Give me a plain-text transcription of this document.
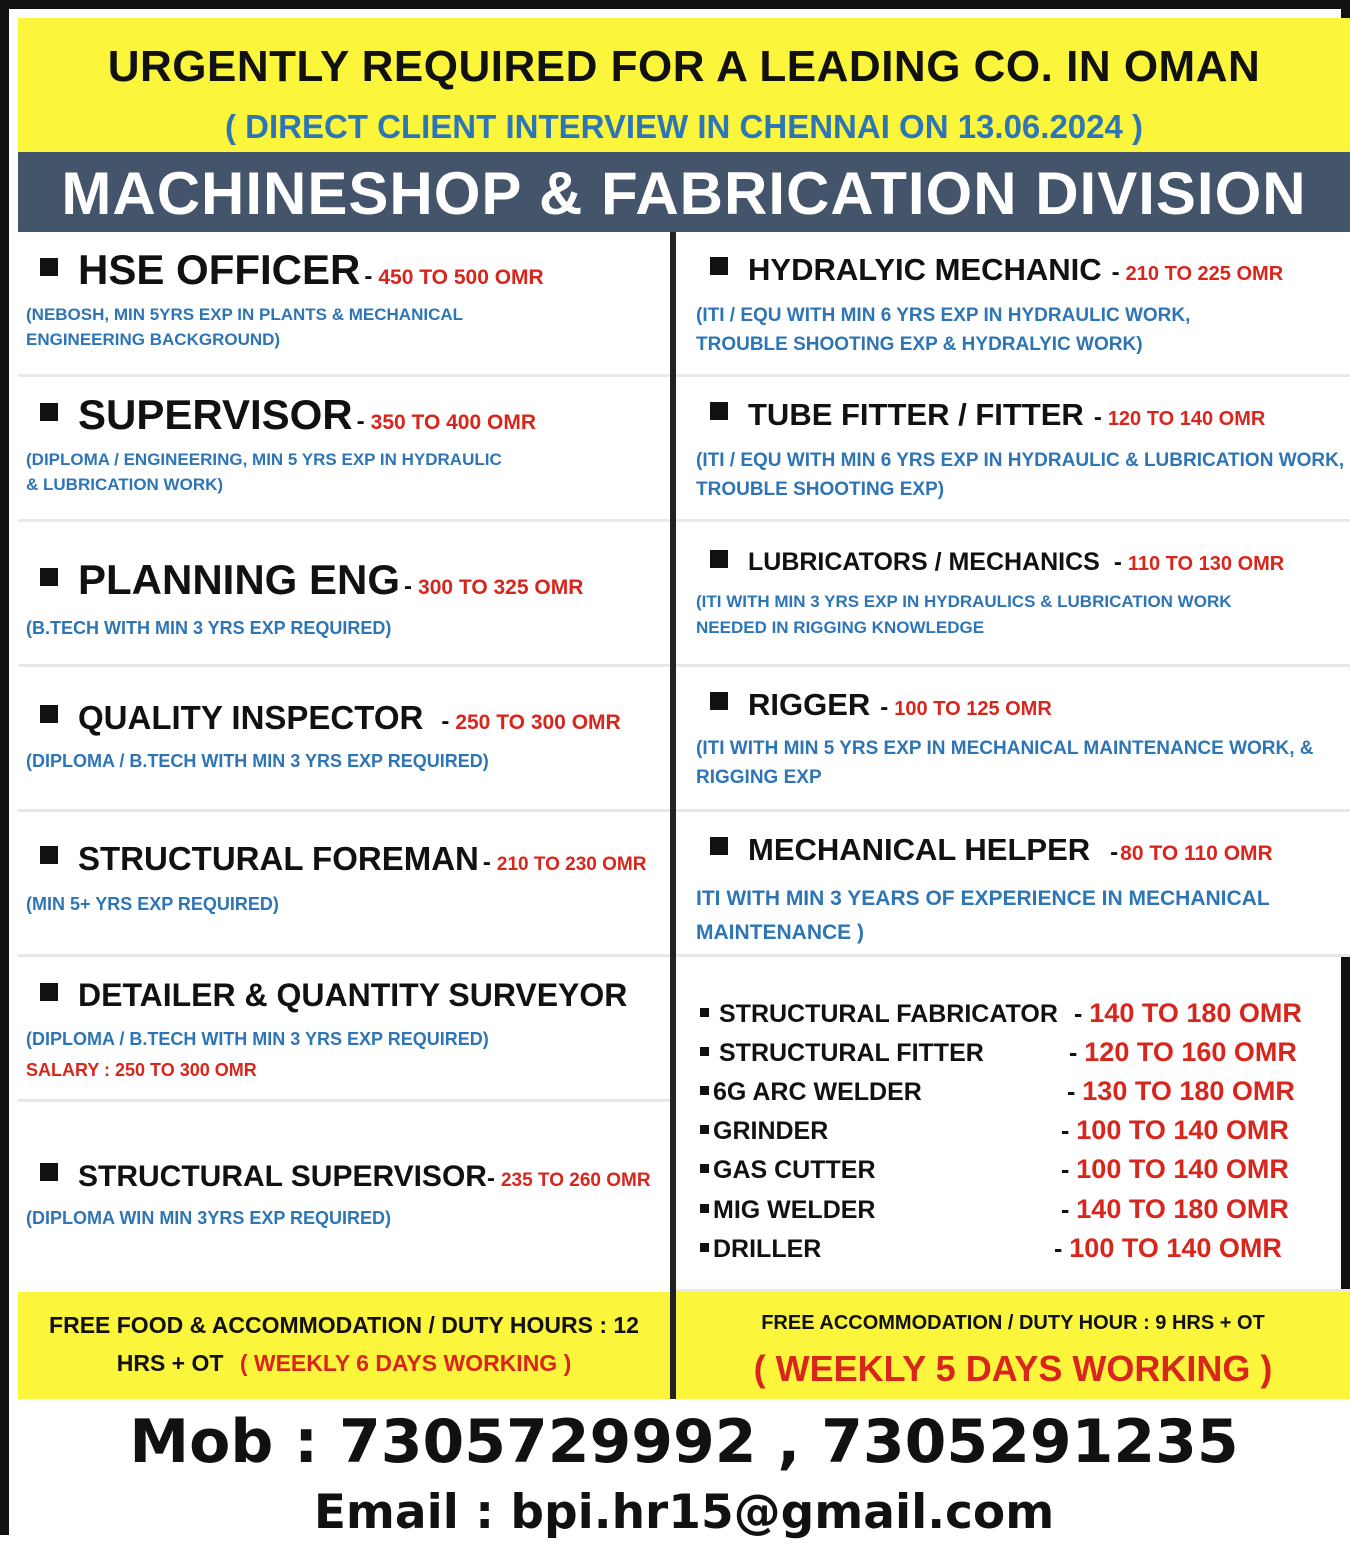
URGENTLY REQUIRED FOR A LEADING CO. IN OMAN
( DIRECT CLIENT INTERVIEW IN CHENNAI ON 13.06.2024 )
MACHINESHOP & FABRICATION DIVISION
HSE OFFICER - 450 TO 500 OMR
(NEBOSH, MIN 5YRS EXP IN PLANTS & MECHANICAL
ENGINEERING BACKGROUND)
SUPERVISOR - 350 TO 400 OMR
(DIPLOMA / ENGINEERING, MIN 5 YRS EXP IN HYDRAULIC
& LUBRICATION WORK)
PLANNING ENG - 300 TO 325 OMR
(B.TECH WITH MIN 3 YRS EXP REQUIRED)
QUALITY INSPECTOR - 250 TO 300 OMR
(DIPLOMA / B.TECH WITH MIN 3 YRS EXP REQUIRED)
STRUCTURAL FOREMAN - 210 TO 230 OMR
(MIN 5+ YRS EXP REQUIRED)
DETAILER & QUANTITY SURVEYOR
(DIPLOMA / B.TECH WITH MIN 3 YRS EXP REQUIRED)
SALARY : 250 TO 300 OMR
STRUCTURAL SUPERVISOR- 235 TO 260 OMR
(DIPLOMA WIN MIN 3YRS EXP REQUIRED)
FREE FOOD & ACCOMMODATION / DUTY HOURS : 12
HRS + OT ( WEEKLY 6 DAYS WORKING )
HYDRALYIC MECHANIC - 210 TO 225 OMR
(ITI / EQU WITH MIN 6 YRS EXP IN HYDRAULIC WORK,
TROUBLE SHOOTING EXP & HYDRALYIC WORK)
TUBE FITTER / FITTER - 120 TO 140 OMR
(ITI / EQU WITH MIN 6 YRS EXP IN HYDRAULIC & LUBRICATION WORK,
TROUBLE SHOOTING EXP)
LUBRICATORS / MECHANICS - 110 TO 130 OMR
(ITI WITH MIN 3 YRS EXP IN HYDRAULICS & LUBRICATION WORK
NEEDED IN RIGGING KNOWLEDGE
RIGGER - 100 TO 125 OMR
(ITI WITH MIN 5 YRS EXP IN MECHANICAL MAINTENANCE WORK, &
RIGGING EXP
MECHANICAL HELPER -80 TO 110 OMR
ITI WITH MIN 3 YEARS OF EXPERIENCE IN MECHANICAL
MAINTENANCE )
STRUCTURAL FABRICATOR
STRUCTURAL FITTER
6G ARC WELDER
GRINDER
GAS CUTTER
MIG WELDER
DRILLER
- 140 TO 180 OMR
- 120 TO 160 OMR
- 130 TO 180 OMR
- 100 TO 140 OMR
- 100 TO 140 OMR
- 140 TO 180 OMR
- 100 TO 140 OMR
FREE ACCOMMODATION / DUTY HOUR : 9 HRS + OT
( WEEKLY 5 DAYS WORKING )
Mob : 7305729992 , 7305291235
Email : bpi.hr15@gmail.com
